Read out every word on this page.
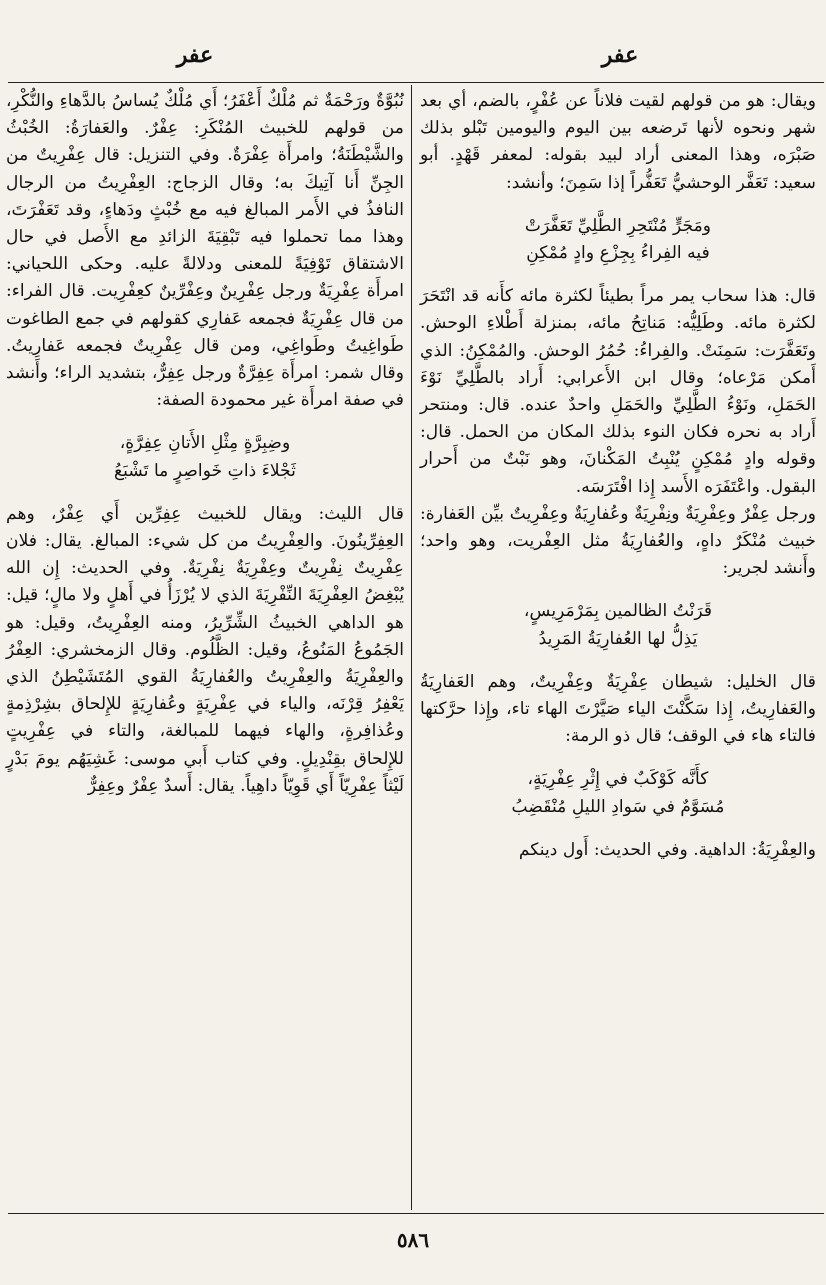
عفر
عفر

ويقال: هو من قولهم لقيت فلاناً عن عُفْرٍ، بالضم، أي بعد شهر ونحوه لأنها تَرضعه بين اليوم واليومين تَبْلو بذلك صَبْرَه، وهذا المعنى أراد لبيد بقوله: لمعفر قَهْدٍ. أبو سعيد: تَعَفَّر الوحشيُّ تَعَفُّراً إذا سَمِنَ؛ وأنشد:

ومَجَرٍّ مُنْتَحِرِ الطَّلِيِّ تَعَفَّرَتْ

فيه الفِراءُ بِجِزْعِ وادٍ مُمْكِنِ

قال: هذا سحاب يمر مراً بطيئاً لكثرة مائه كأَنه قد انْتَحَرَ لكثرة مائه. وطَلِيُّه: مَناتِحُ مائه، بمنزلة أَطْلاءِ الوحش. وتَعَفَّرَت: سَمِنَتْ. والفِراءُ: حُمُرُ الوحش. والمُمْكِنُ: الذي أَمكن مَرْعاه؛ وقال ابن الأَعرابي: أَراد بالطَّلِيِّ نَوْءَ الحَمَلِ، ونَوْءُ الطَّلِيِّ والحَمَلِ واحدٌ عنده. قال: ومنتحر أَراد به نحره فكان النوء بذلك المكان من الحمل. قال: وقوله وادٍ مُمْكِنٍ يُنْبِتُ المَكْنانَ، وهو نَبْتٌ من أَحرار البقول. واعْتَفَرَه الأَسد إِذا افْتَرَسَه.

ورجل عِفْرٌ وعِفْرِيَةٌ ونِفْرِيَةٌ وعُفارِيَةٌ وعِفْرِيتٌ بيِّن العَفارة: خبيث مُنْكَرٌ داهٍ، والعُفارِيَةُ مثل العِفْريت، وهو واحد؛ وأَنشد لجرير:

قَرَنْتُ الظالمين بِمَرْمَرِيسٍ،

يَذِلُّ لها العُفارِيَةُ المَرِيدُ

قال الخليل: شيطان عِفْرِيَةٌ وعِفْرِيتٌ، وهم العَفارِيَةُ والعَفارِيتُ، إِذا سَكَّنْتَ الياء صَيَّرْتَ الهاء تاء، وإِذا حرَّكتها فالتاء هاء في الوقف؛ قال ذو الرمة:

كأَنَّه كَوْكَبٌ في إِثْرِ عِفْرِيَةٍ،

مُسَوَّمٌ في سَوادِ الليلِ مُنْقَضِبُ

والعِفْرِيَةُ: الداهية. وفي الحديث: أَول دينكم

نُبُوَّةٌ ورَحْمَةٌ ثم مُلْكٌ أَعْفَرُ؛ أَي مُلْكٌ يُساسُ بالدَّهاءِ والنُّكْرِ، من قولهم للخبيث المُنْكَرِ: عِفْرٌ. والعَفارَةُ: الخُبْثُ والشَّيْطَنَةُ؛ وامرأَة عِفْرَةٌ. وفي التنزيل: قال عِفْرِيتٌ من الجِنِّ أَنا آتِيكَ به؛ وقال الزجاج: العِفْرِيتُ من الرجال النافذُ في الأَمر المبالغ فيه مع خُبْثٍ ودَهاءٍ، وقد تَعَفْرَتَ، وهذا مما تحملوا فيه تَبْقِيَةَ الزائدِ مع الأَصل في حال الاشتقاق تَوْفِيَةً للمعنى ودلالةً عليه. وحكى اللحياني: امرأَة عِفْرِيَةٌ ورجل عِفْرِينٌ وعِفْرِّينٌ كعِفْرِيت. قال الفراء: من قال عِفْرِيَةٌ فجمعه عَفارِي كقولهم في جمع الطاغوت طَواغِيتُ وطَواغِي، ومن قال عِفْرِيتٌ فجمعه عَفارِيتُ. وقال شمر: امرأَة عِفِرَّةٌ ورجل عِفِرٌّ، بتشديد الراء؛ وأَنشد في صفة امرأَة غير محمودة الصفة:

وضِبِرَّةٍ مِثْلِ الأَتانِ عِفِرَّةٍ،

ثَجْلاءَ ذاتِ خَواصِرٍ ما تَشْبَعُ

قال الليث: ويقال للخبيث عِفِرِّين أَي عِفْرٌ، وهم العِفِرِّينُونَ. والعِفْرِيتُ من كل شيء: المبالغ. يقال: فلان عِفْرِيتٌ نِفْرِيتٌ وعِفْرِيَةٌ نِفْرِيَةٌ. وفي الحديث: إِن الله يُبْغِضُ العِفْرِيَةَ النِّفْرِيَةَ الذي لا يُرْزَأُ في أَهلٍ ولا مالٍ؛ قيل: هو الداهي الخبيثُ الشِّرِّيرُ، ومنه العِفْرِيتُ، وقيل: هو الجَمُوعُ المَنُوعُ، وقيل: الظَّلُوم. وقال الزمخشري: العِفْرُ والعِفْرِيَةُ والعِفْرِيتُ والعُفارِيَةُ القوي المُتَشَيْطِنُ الذي يَعْفِرُ قِرْنَه، والياء في عِفْرِيَةٍ وعُفارِيَةٍ للإِلحاق بشِرْذِمةٍ وعُذافِرةٍ، والهاء فيهما للمبالغة، والتاء في عِفْرِيتٍ للإِلحاق بقِنْدِيلٍ. وفي كتاب أَبي موسى: غَشِيَهُم يومَ بَدْرٍ لَيْثاً عِفْرِيّاً أَي قَوِيّاً داهِياً. يقال: أَسدٌ عِفْرٌ وعِفِرٌّ

٥٨٦
